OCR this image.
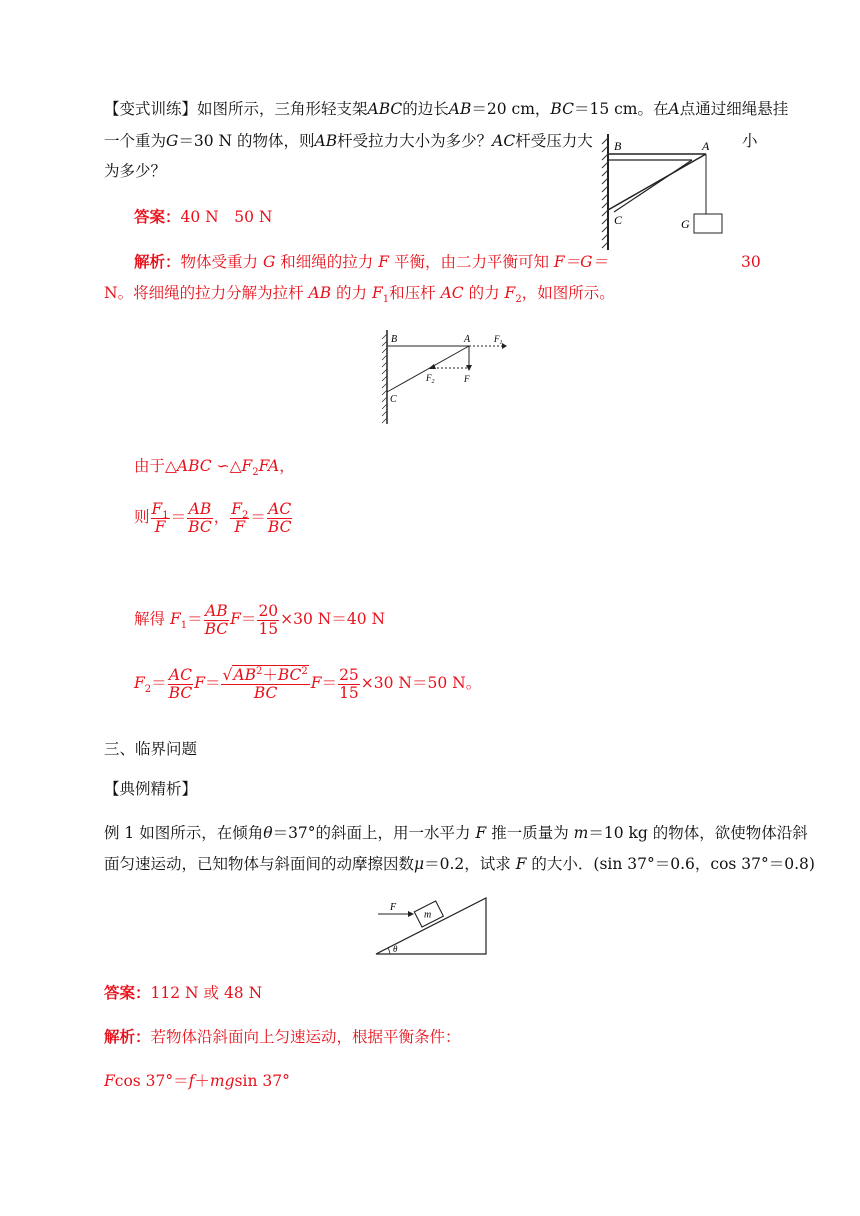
【变式训练】如图所示，三角形轻支架ABC的边长AB＝20 cm，BC＝15 cm。在A点通过细绳悬挂
一个重为G＝30 N 的物体，则AB杆受拉力大小为多少？AC杆受压力大	小
为多少？
B	A
C	G
答案：40 N　50 N
解析：物体受重力 G 和细绳的拉力 F 平衡，由二力平衡可知 F＝G＝	30
N。将细绳的拉力分解为拉杆 AB 的力 $F_1$和压杆 AC 的力 $F_2$，如图所示。
B	A
C
$F_1$
$F_2$	F
由于△ABC $∽\triangle F_2FA$，
则 $\frac{F_1}{F} = \frac{AB}{BC}$ ， $\frac{F_2}{F} = \frac{AC}{BC}$
解得 $F_1= \frac{AB}{BC} F= \frac{20}{15} \times 30$ N＝40 N
$F_2= \frac{AC}{BC} F= \frac{√AB^2+BC^2}{BC} F= \frac{25}{15} \times 30$ N＝50 N。
三、临界问题
【典例精析】
例 1 如图所示，在倾角θ＝37°的斜面上，用一水平力 F 推一质量为 m＝10 kg 的物体，欲使物体沿斜
面匀速运动，已知物体与斜面间的动摩擦因数μ＝0.2，试求 F 的大小．(sin 37°＝0.6，cos 37°＝0.8)
m
F
θ
答案：112 N 或 48 N
解析：若物体沿斜面向上匀速运动，根据平衡条件：
Fcos 37°＝f＋mgsin 37°
